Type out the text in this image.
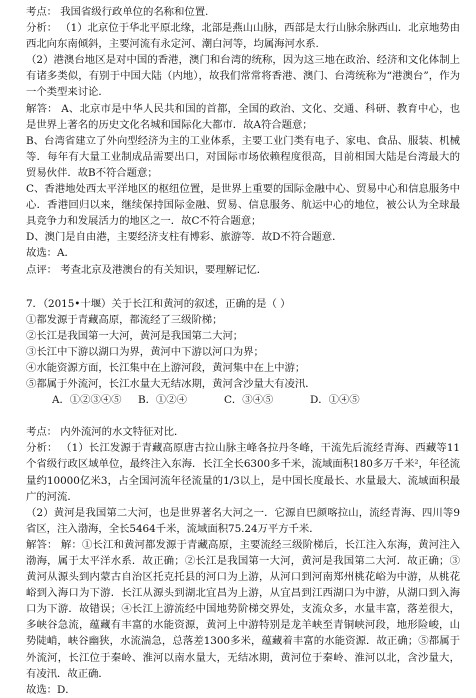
考点： 我国省级行政单位的名称和位置.
分析： （1）北京位于华北平原北缘，北部是燕山山脉，西部是太行山脉余脉西山．北京地势由西北向东南倾斜，主要河流有永定河、潮白河等，均属海河水系.
（2）港澳台地区是对中国的香港，澳门和台湾的统称，因为这三地在政治、经济和文化体制上有诸多类似，有别于中国大陆（内地），故我们常常将香港、澳门、台湾统称为“港澳台”，作为一个类型来讨论．
解答： A、北京市是中华人民共和国的首都，全国的政治、文化、交通、科研、教育中心，也是世界上著名的历史文化名城和国际化大都市．故A符合题意；
B、台湾省建立了外向型经济为主的工业体系，主要工业门类有电子、家电、食品、服装、机械等．每年有大量工业制成品需要出口，对国际市场依赖程度很高，目前相国大陆是台湾最大的贸易伙伴．故B不符合题意；
C、香港地处西太平洋地区的枢纽位置，是世界上重要的国际金融中心、贸易中心和信息服务中心．香港回归以来，继续保持国际金融、贸易、信息服务、航运中心的地位，被公认为全球最具竞争力和发展活力的地区之一．故C不符合题意；
D、澳门是自由港，主要经济支柱有博彩、旅游等．故D不符合题意．
故选：A．
点评： 考查北京及港澳台的有关知识，要理解记忆．
7．（2015•十堰）关于长江和黄河的叙述，正确的是（ ）
①都发源于青藏高原，都流经了三级阶梯；
②长江是我国第一大河，黄河是我国第二大河；
③长江中下游以湖口为界，黄河中下游以河口为界；
④水能资源方面，长江集中在上游河段，黄河集中在上中游；
⑤都属于外流河，长江水量大无结冰期，黄河含沙量大有凌汛．
A．①②③④⑤	B．①②④	C．③④⑤	D．①④⑤
考点： 内外流河的水文特征对比．
分析： （1）长江发源于青藏高原唐古拉山脉主峰各拉丹冬峰，干流先后流经青海、西藏等11个省级行政区域单位，最终注入东海．长江全长6300多千米，流域面积180多万千米²，年径流量约10000亿米3，占全国河流年径流量的1/3以上，是中国长度最长、水量最大、流域面积最广的河流．
（2）黄河是我国第二大河，也是世界著名大河之一．它源自巴颜喀拉山，流经青海、四川等9省区，注入渤海，全长5464千米，流域面积75.24万平方千米．
解答： 解：①长江和黄河都发源于青藏高原，主要流经三级阶梯后，长江注入东海，黄河注入渤海，属于太平洋水系．故正确；②长江是我国第一大河，黄河是我国第二大河．故正确；③黄河从源头到内蒙古自治区托克托县的河口为上游，从河口到河南郑州桃花峪为中游，从桃花峪到入海口为下游．长江从源头到湖北宜昌为上游，从宜昌到江西湖口为中游，从湖口到入海口为下游．故错误；④长江上游流经中国地势阶梯交界处，支流众多，水量丰富，落差很大，多峡谷急流，蕴藏有丰富的水能资源，黄河上中游特别是龙羊峡至青铜峡河段，地形险峻，山势陡峭，峡谷幽狭，水流湍急，总落差1300多米，蕴藏着丰富的水能资源．故正确；⑤都属于外流河，长江位于秦岭、淮河以南水量大，无结冰期，黄河位于秦岭、淮河以北，含沙量大，有凌汛．故正确．
故选：D．
